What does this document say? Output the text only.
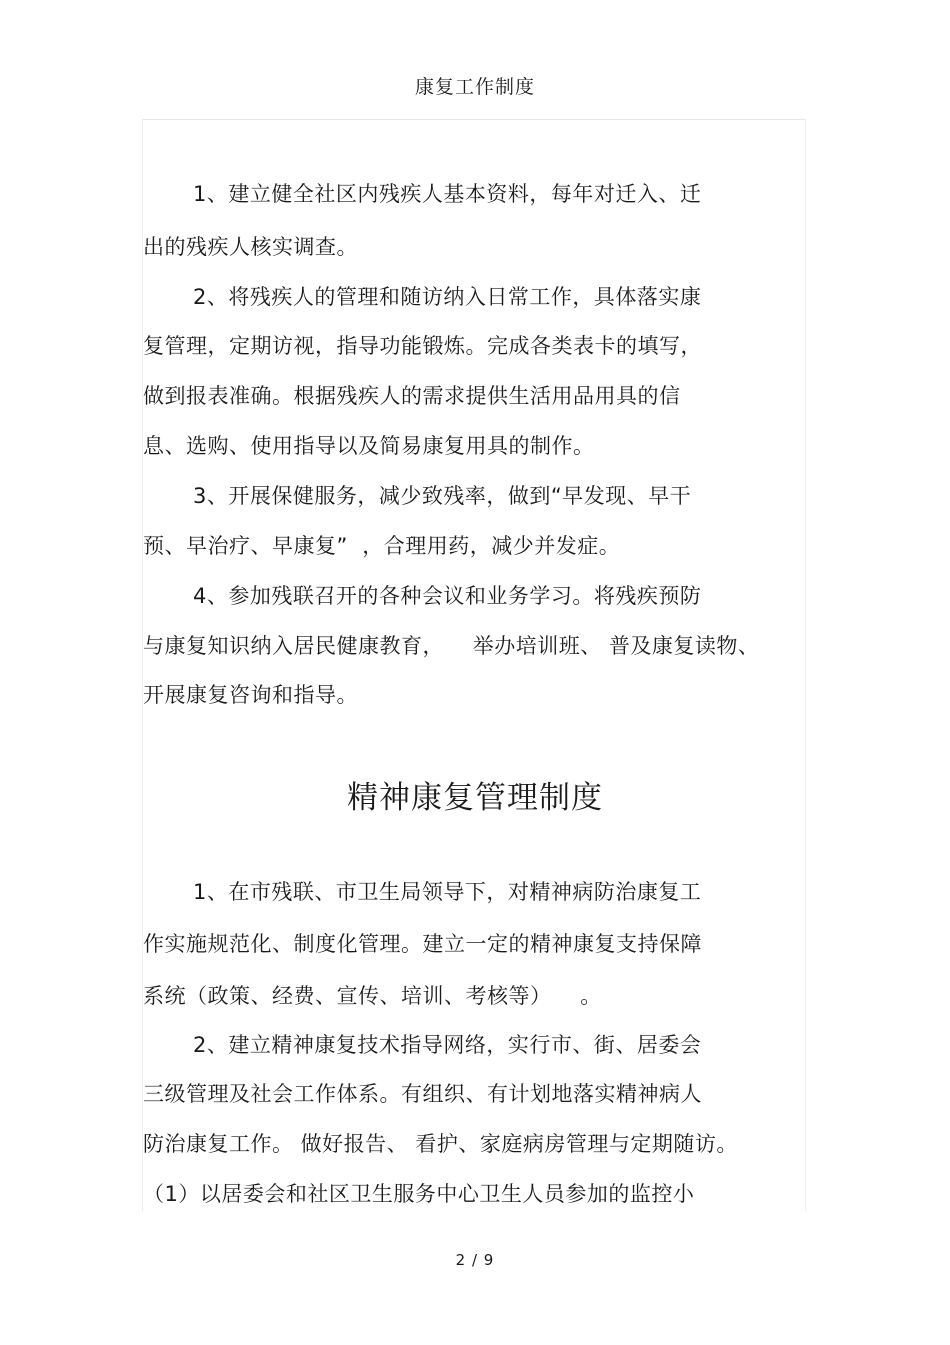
康复工作制度
1、建立健全社区内残疾人基本资料，每年对迁入、迁
出的残疾人核实调查。
2、将残疾人的管理和随访纳入日常工作，具体落实康
复管理，定期访视，指导功能锻炼。完成各类表卡的填写，
做到报表准确。根据残疾人的需求提供生活用品用具的信
息、选购、使用指导以及简易康复用具的制作。
3、开展保健服务，减少致残率，做到“早发现、早干
预、早治疗、早康复”  ，合理用药，减少并发症。
4、参加残联召开的各种会议和业务学习。将残疾预防
与康复知识纳入居民健康教育，    举办培训班、 普及康复读物、
开展康复咨询和指导。
精神康复管理制度
1、在市残联、市卫生局领导下，对精神病防治康复工
作实施规范化、制度化管理。建立一定的精神康复支持保障
系统（政策、经费、宣传、培训、考核等）    。
2、建立精神康复技术指导网络，实行市、街、居委会
三级管理及社会工作体系。有组织、有计划地落实精神病人
防治康复工作。 做好报告、 看护、家庭病房管理与定期随访。
（1）以居委会和社区卫生服务中心卫生人员参加的监控小
2 / 9
